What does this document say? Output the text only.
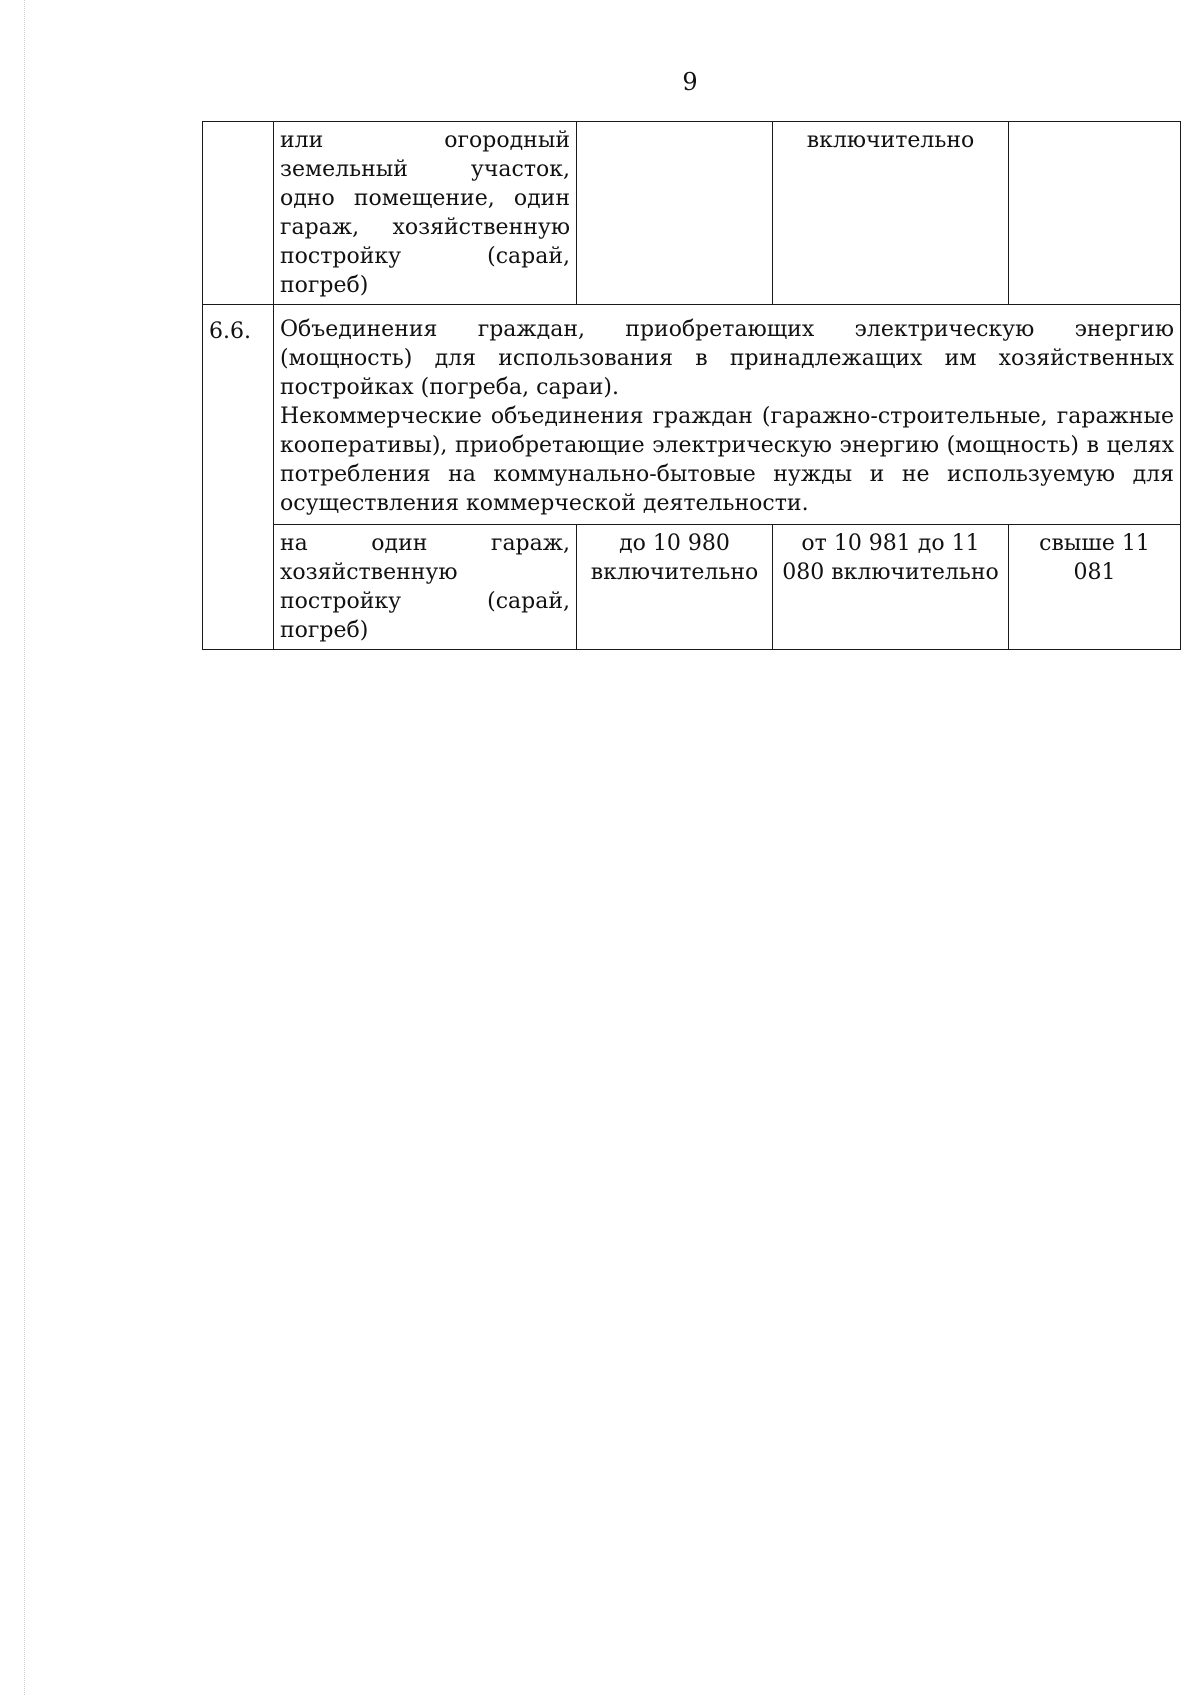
9
	или огородный земельный участок, одно помещение, один гараж, хозяйственную постройку (сарай, погреб)		включительно	
6.6.	Объединения граждан, приобретающих электрическую энергию (мощность) для использования в принадлежащих им хозяйственных постройках (погреба, сараи).
Некоммерческие объединения граждан (гаражно-строительные, гаражные кооперативы), приобретающие электрическую энергию (мощность) в целях потребления на коммунально-бытовые нужды и не используемую для осуществления коммерческой деятельности.			

	на один гараж, хозяйственную постройку (сарай, погреб)	до 10 980 включительно	от 10 981 до 11 080 включительно	свыше 11 081
